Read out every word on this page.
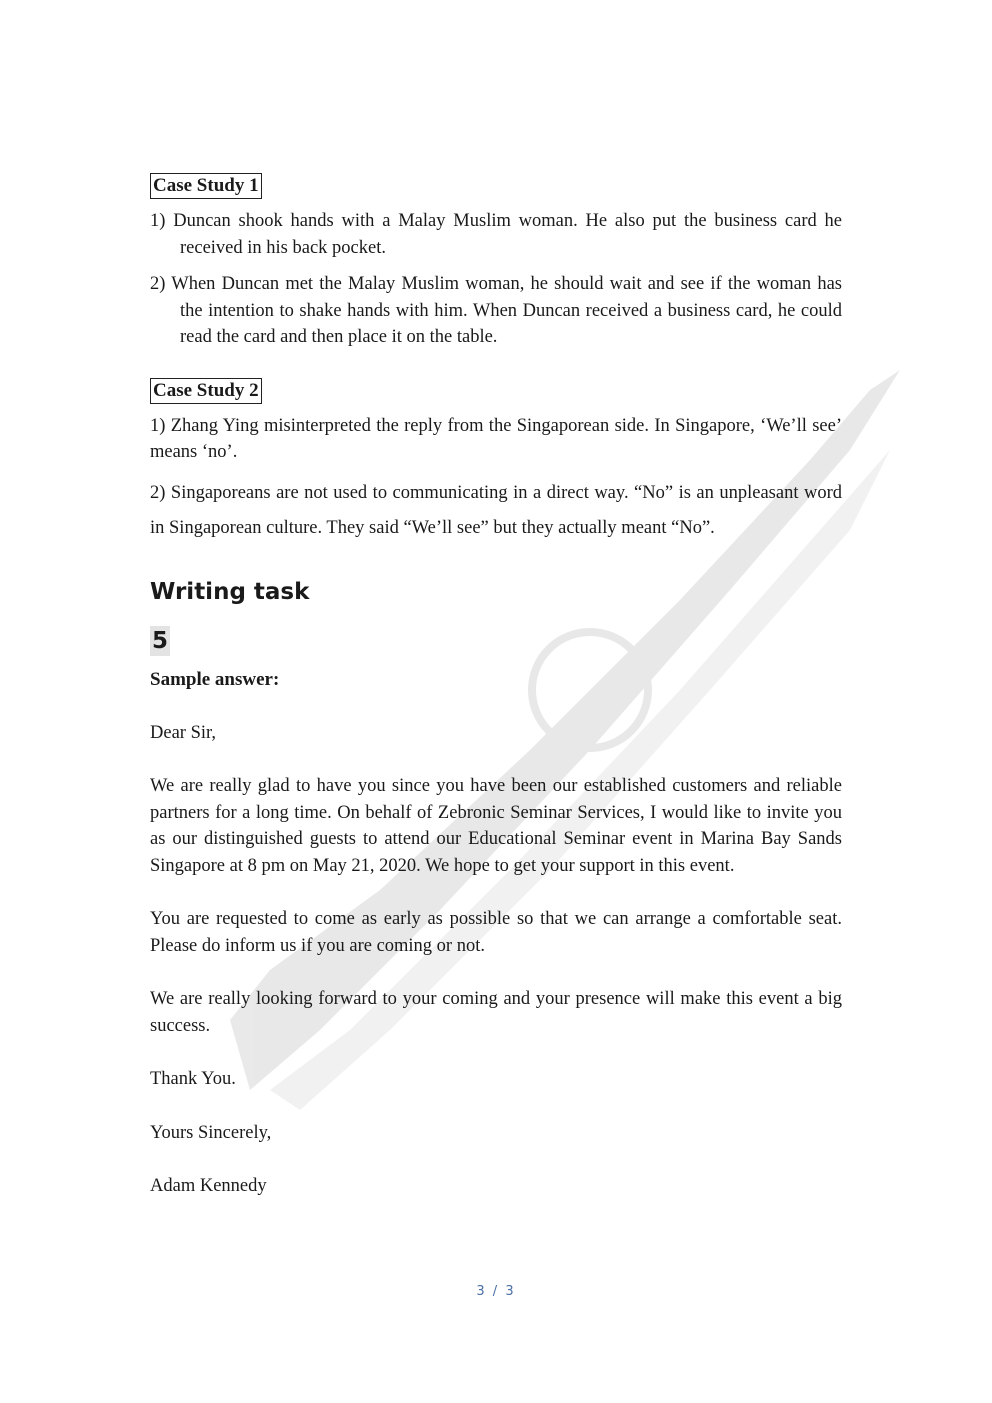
Case Study 1

1) Duncan shook hands with a Malay Muslim woman. He also put the business card he received in his back pocket.

2) When Duncan met the Malay Muslim woman, he should wait and see if the woman has the intention to shake hands with him. When Duncan received a business card, he could read the card and then place it on the table.

Case Study 2

1) Zhang Ying misinterpreted the reply from the Singaporean side. In Singapore, ‘We’ll see’ means ‘no’.

2) Singaporeans are not used to communicating in a direct way. “No” is an unpleasant word in Singaporean culture. They said “We’ll see” but they actually meant “No”.

Writing task
5
Sample answer:

Dear Sir,

We are really glad to have you since you have been our established customers and reliable partners for a long time. On behalf of Zebronic Seminar Services, I would like to invite you as our distinguished guests to attend our Educational Seminar event in Marina Bay Sands Singapore at 8 pm on May 21, 2020. We hope to get your support in this event.

You are requested to come as early as possible so that we can arrange a comfortable seat. Please do inform us if you are coming or not.

We are really looking forward to your coming and your presence will make this event a big success.

Thank You.

Yours Sincerely,

Adam Kennedy

3 / 3
